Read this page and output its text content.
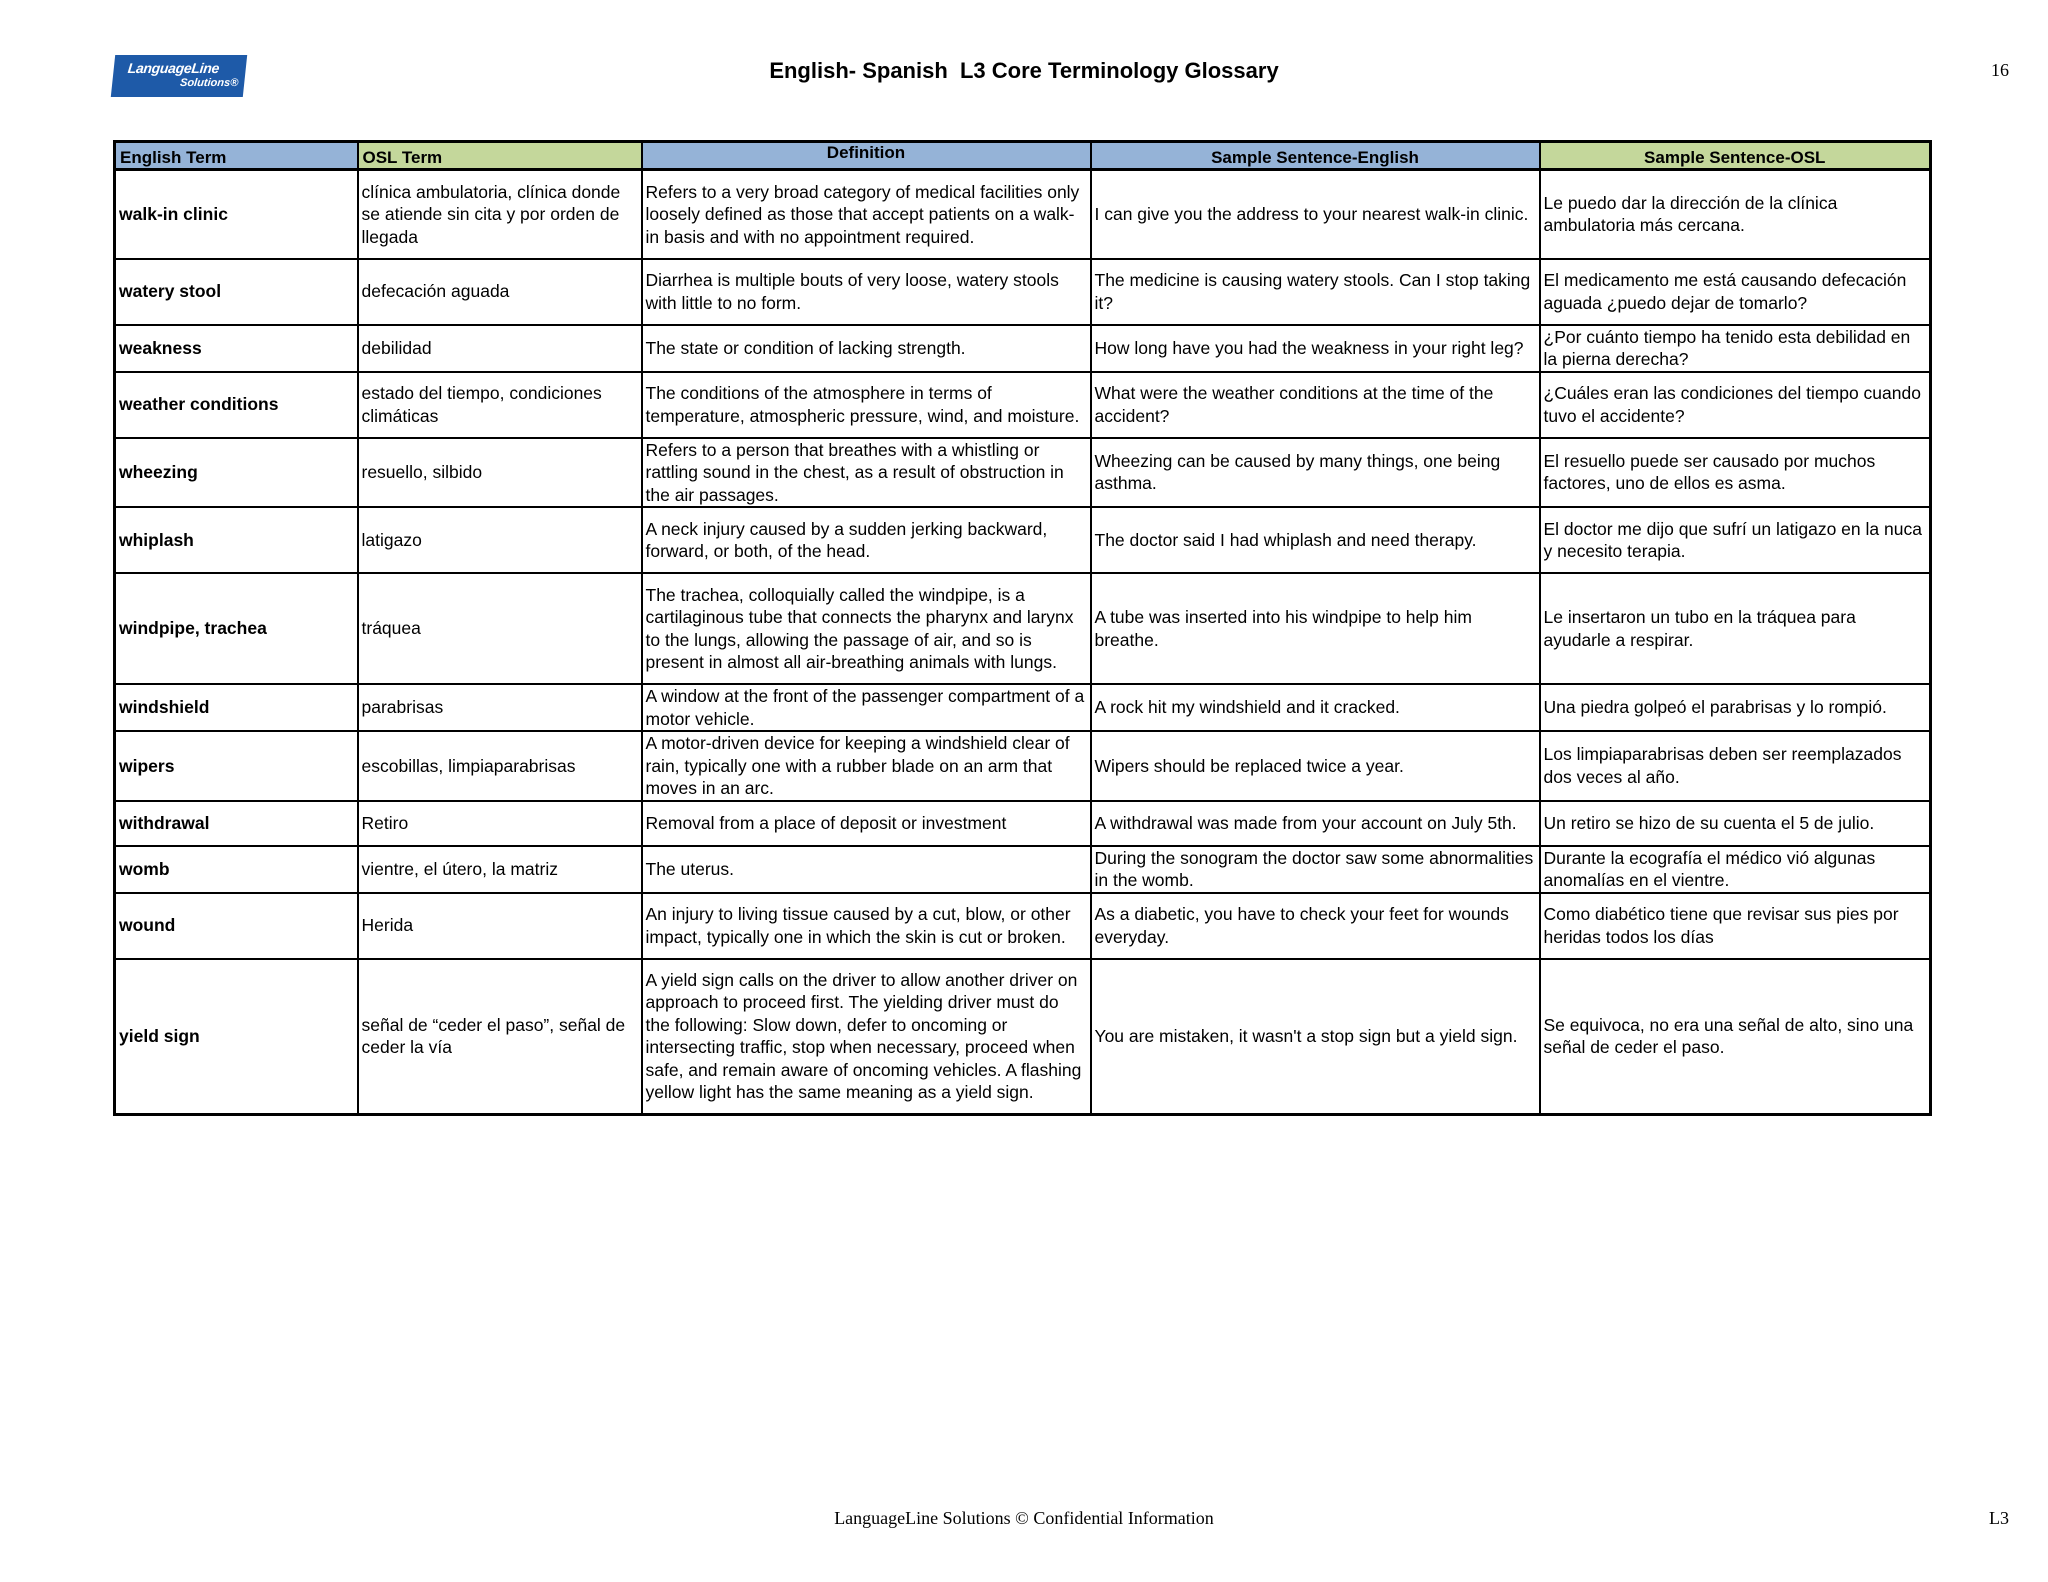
LanguageLine
Solutions®	English- Spanish  L3 Core Terminology Glossary	16
English Term	OSL Term	Definition	Sample Sentence-English	Sample Sentence-OSL
walk-in clinic	clínica ambulatoria, clínica donde se atiende sin cita y por orden de llegada	Refers to a very broad category of medical facilities only loosely defined as those that accept patients on a walk-in basis and with no appointment required.	I can give you the address to your nearest walk-in clinic.	Le puedo dar la dirección de la clínica ambulatoria más cercana.
watery stool	defecación aguada	Diarrhea is multiple bouts of very loose, watery stools with little to no form.	The medicine is causing watery stools. Can I stop taking it?	El medicamento me está causando defecación aguada ¿puedo dejar de tomarlo?
weakness	debilidad	The state or condition of lacking strength.	How long have you had the weakness in your right leg?	¿Por cuánto tiempo ha tenido esta debilidad en la pierna derecha?
weather conditions	estado del tiempo, condiciones climáticas	The conditions of the atmosphere in terms of temperature, atmospheric pressure, wind, and moisture.	What were the weather conditions at the time of the accident?	¿Cuáles eran las condiciones del tiempo cuando tuvo el accidente?
wheezing	resuello, silbido	Refers to a person that breathes with a whistling or rattling sound in the chest, as a result of obstruction in the air passages.	Wheezing can be caused by many things, one being asthma.	El resuello puede ser causado por muchos factores, uno de ellos es asma.
whiplash	latigazo	A neck injury caused by a sudden jerking backward, forward, or both, of the head.	The doctor said I had whiplash and need therapy.	El doctor me dijo que sufrí un latigazo en la nuca y necesito terapia.
windpipe, trachea	tráquea	The trachea, colloquially called the windpipe, is a cartilaginous tube that connects the pharynx and larynx to the lungs, allowing the passage of air, and so is present in almost all air-breathing animals with lungs.	A tube was inserted into his windpipe to help him breathe.	Le insertaron un tubo en la tráquea para ayudarle a respirar.
windshield	parabrisas	A window at the front of the passenger compartment of a motor vehicle.	A rock hit my windshield and it cracked.	Una piedra golpeó el parabrisas y lo rompió.
wipers	escobillas, limpiaparabrisas	A motor-driven device for keeping a windshield clear of rain, typically one with a rubber blade on an arm that moves in an arc.	Wipers should be replaced twice a year.	Los limpiaparabrisas deben ser reemplazados dos veces al año.
withdrawal	Retiro	Removal from a place of deposit or investment	A withdrawal was made from your account on July 5th.	Un retiro se hizo de su cuenta el 5 de julio.
womb	vientre, el útero, la matriz	The uterus.	During the sonogram the doctor saw some abnormalities in the womb.	Durante la ecografía el médico vió algunas anomalías en el vientre.
wound	Herida	An injury to living tissue caused by a cut, blow, or other impact, typically one in which the skin is cut or broken.	As a diabetic, you have to check your feet for wounds everyday.	Como diabético tiene que revisar sus pies por heridas todos los días
yield sign	señal de “ceder el paso”, señal de ceder la vía	A yield sign calls on the driver to allow another driver on approach to proceed first. The yielding driver must do the following: Slow down, defer to oncoming or intersecting traffic, stop when necessary, proceed when safe, and remain aware of oncoming vehicles. A flashing yellow light has the same meaning as a yield sign.	You are mistaken, it wasn't a stop sign but a yield sign.	Se equivoca, no era una señal de alto, sino una señal de ceder el paso.
LanguageLine Solutions © Confidential Information	L3
